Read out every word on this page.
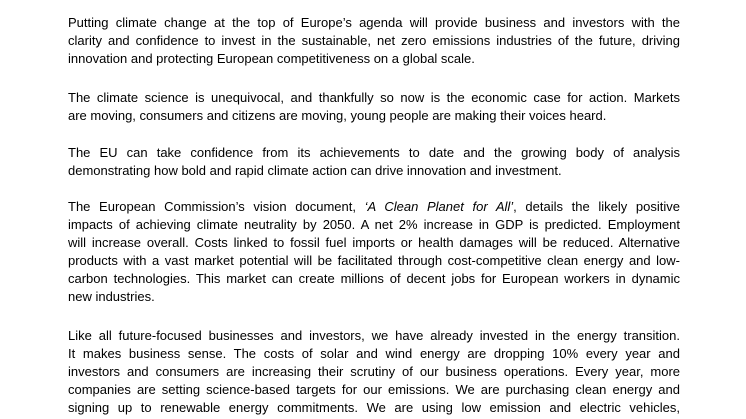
Putting climate change at the top of Europe’s agenda will provide business and investors with the
clarity and confidence to invest in the sustainable, net zero emissions industries of the future, driving
innovation and protecting European competitiveness on a global scale.
The climate science is unequivocal, and thankfully so now is the economic case for action. Markets
are moving, consumers and citizens are moving, young people are making their voices heard.
The EU can take confidence from its achievements to date and the growing body of analysis
demonstrating how bold and rapid climate action can drive innovation and investment.
The European Commission’s vision document, ‘A Clean Planet for All’, details the likely positive
impacts of achieving climate neutrality by 2050. A net 2% increase in GDP is predicted. Employment
will increase overall. Costs linked to fossil fuel imports or health damages will be reduced. Alternative
products with a vast market potential will be facilitated through cost-competitive clean energy and low-
carbon technologies. This market can create millions of decent jobs for European workers in dynamic
new industries.
Like all future-focused businesses and investors, we have already invested in the energy transition.
It makes business sense. The costs of solar and wind energy are dropping 10% every year and
investors and consumers are increasing their scrutiny of our business operations. Every year, more
companies are setting science-based targets for our emissions. We are purchasing clean energy and
signing up to renewable energy commitments. We are using low emission and electric vehicles,
